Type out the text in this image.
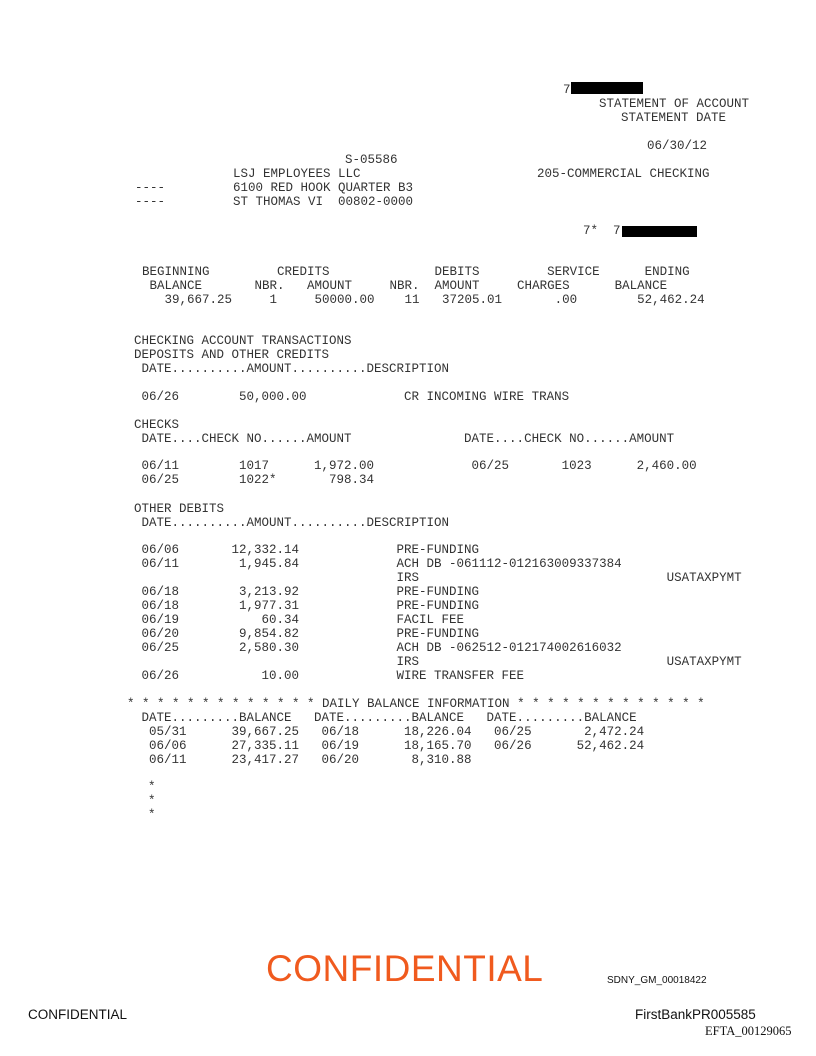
7
STATEMENT OF ACCOUNT
STATEMENT DATE
06/30/12
S-05586
LSJ EMPLOYEES LLC	205-COMMERCIAL CHECKING
----	6100 RED HOOK QUARTER B3
----	ST THOMAS VI  00802-0000
7*  7
BEGINNING         CREDITS              DEBITS         SERVICE      ENDING
BALANCE       NBR.   AMOUNT     NBR.  AMOUNT     CHARGES      BALANCE
39,667.25     1     50000.00    11   37205.01       .00        52,462.24
CHECKING ACCOUNT TRANSACTIONS
DEPOSITS AND OTHER CREDITS
DATE..........AMOUNT..........DESCRIPTION
06/26        50,000.00             CR INCOMING WIRE TRANS
CHECKS
DATE....CHECK NO......AMOUNT               DATE....CHECK NO......AMOUNT
06/11        1017      1,972.00             06/25       1023      2,460.00
06/25        1022*       798.34
OTHER DEBITS
DATE..........AMOUNT..........DESCRIPTION
06/06       12,332.14             PRE-FUNDING
06/11        1,945.84             ACH DB -061112-012163009337384
IRS                                 USATAXPYMT
06/18        3,213.92             PRE-FUNDING
06/18        1,977.31             PRE-FUNDING
06/19           60.34             FACIL FEE
06/20        9,854.82             PRE-FUNDING
06/25        2,580.30             ACH DB -062512-012174002616032
IRS                                 USATAXPYMT
06/26           10.00             WIRE TRANSFER FEE
* * * * * * * * * * * * * DAILY BALANCE INFORMATION * * * * * * * * * * * * *
DATE.........BALANCE   DATE.........BALANCE   DATE.........BALANCE
05/31      39,667.25   06/18      18,226.04   06/25       2,472.24
06/06      27,335.11   06/19      18,165.70   06/26      52,462.24
06/11      23,417.27   06/20       8,310.88
*
*
*
CONFIDENTIAL	SDNY_GM_00018422
CONFIDENTIAL	FirstBankPR005585
EFTA_00129065
